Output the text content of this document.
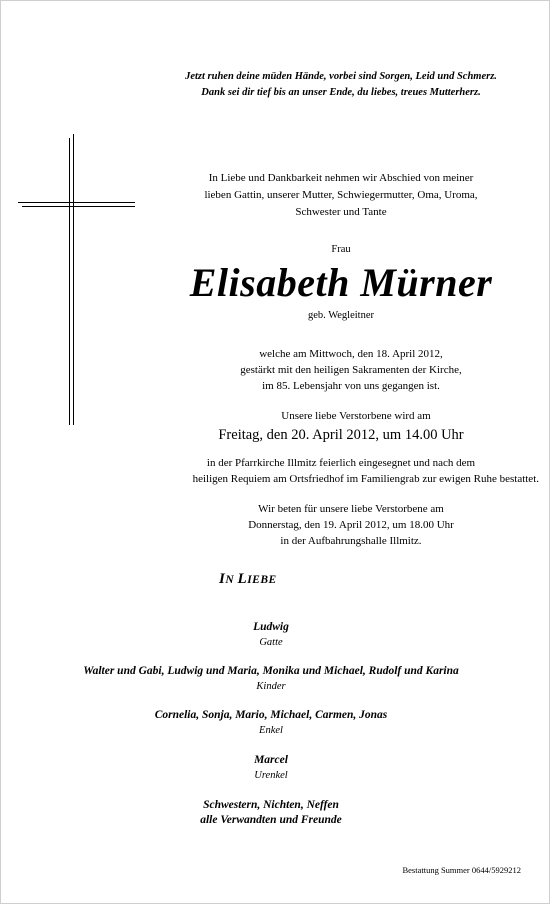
Jetzt ruhen deine müden Hände, vorbei sind Sorgen, Leid und Schmerz.
Dank sei dir tief bis an unser Ende, du liebes, treues Mutterherz.
In Liebe und Dankbarkeit nehmen wir Abschied von meiner
lieben Gattin, unserer Mutter, Schwiegermutter, Oma, Uroma,
Schwester und Tante
Frau
Elisabeth Mürner
geb. Wegleitner
welche am Mittwoch, den 18. April 2012,
gestärkt mit den heiligen Sakramenten der Kirche,
im 85. Lebensjahr von uns gegangen ist.
Unsere liebe Verstorbene wird am
Freitag, den 20. April 2012, um 14.00 Uhr
in der Pfarrkirche Illmitz feierlich eingesegnet und nach dem
heiligen Requiem am Ortsfriedhof im Familiengrab zur ewigen Ruhe bestattet.
Wir beten für unsere liebe Verstorbene am
Donnerstag, den 19. April 2012, um 18.00 Uhr
in der Aufbahrungshalle Illmitz.
IN LIEBE
Ludwig
Gatte
Walter und Gabi, Ludwig und Maria, Monika und Michael, Rudolf und Karina
Kinder
Cornelia, Sonja, Mario, Michael, Carmen, Jonas
Enkel
Marcel
Urenkel
Schwestern, Nichten, Neffen
alle Verwandten und Freunde
Bestattung Summer 0644/5929212
